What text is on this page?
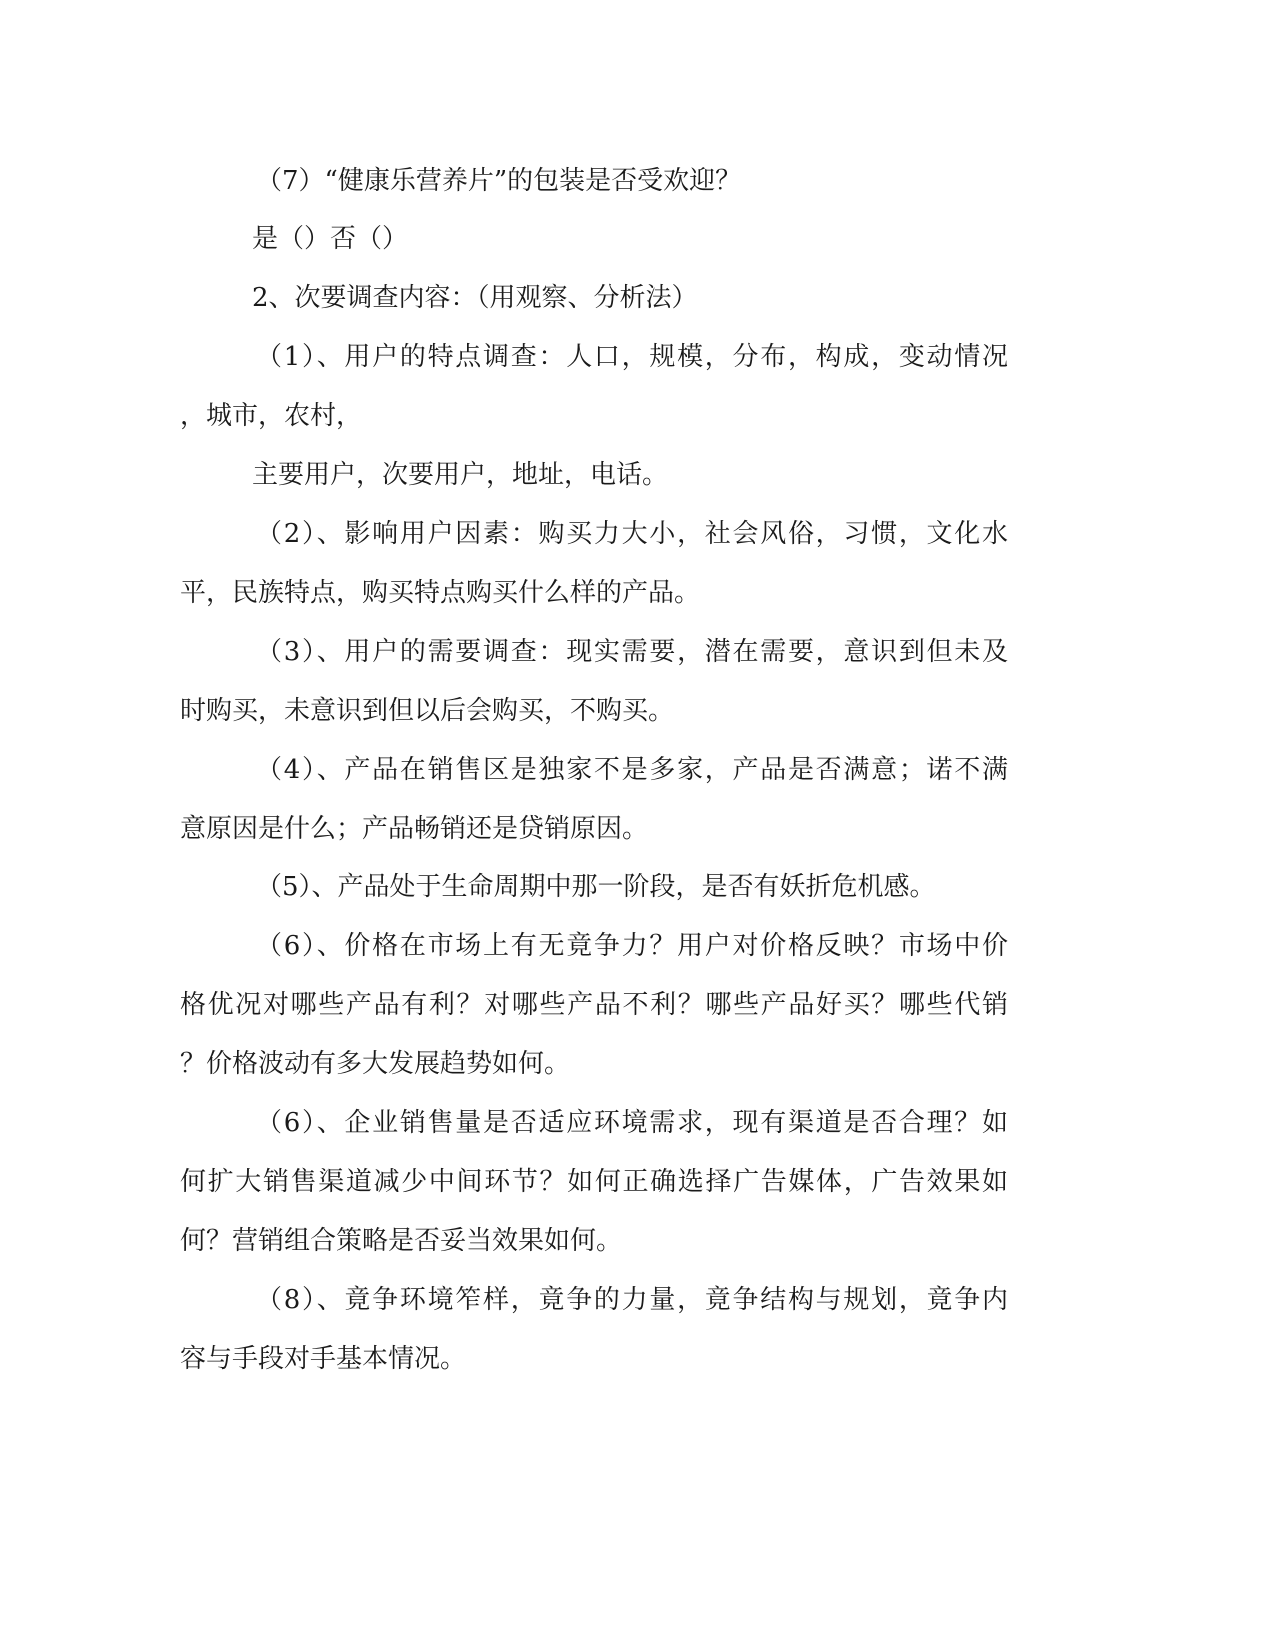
（7）“健康乐营养片”的包装是否受欢迎？
是（）否（）
2、次要调查内容：（用观察、分析法）
（1）、用户的特点调查：人口，规模，分布，构成，变动情况
，城市，农村，
主要用户，次要用户，地址，电话。
（2）、影响用户因素：购买力大小，社会风俗，习惯，文化水
平，民族特点，购买特点购买什么样的产品。
（3）、用户的需要调查：现实需要，潜在需要，意识到但未及
时购买，未意识到但以后会购买，不购买。
（4）、产品在销售区是独家不是多家，产品是否满意；诺不满
意原因是什么；产品畅销还是贷销原因。
（5）、产品处于生命周期中那一阶段，是否有妖折危机感。
（6）、价格在市场上有无竟争力？用户对价格反映？市场中价
格优况对哪些产品有利？对哪些产品不利？哪些产品好买？哪些代销
？价格波动有多大发展趋势如何。
（6）、企业销售量是否适应环境需求，现有渠道是否合理？如
何扩大销售渠道减少中间环节？如何正确选择广告媒体，广告效果如
何？营销组合策略是否妥当效果如何。
（8）、竟争环境笮样，竟争的力量，竟争结构与规划，竟争内
容与手段对手基本情况。
